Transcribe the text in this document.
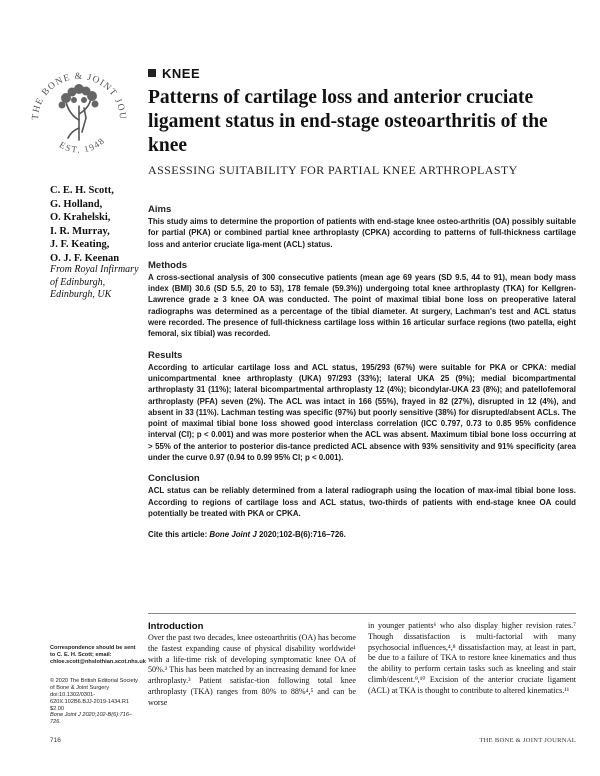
THE BONE & JOINT JOU
EST. 1948
KNEE
Patterns of cartilage loss and anterior cruciate ligament status in end-stage osteoarthritis of the knee
ASSESSING SUITABILITY FOR PARTIAL KNEE ARTHROPLASTY
C. E. H. Scott,
G. Holland,
O. Krahelski,
I. R. Murray,
J. F. Keating,
O. J. F. Keenan
From Royal Infirmary of Edinburgh, Edinburgh, UK
Aims

This study aims to determine the proportion of patients with end-stage knee osteo-arthritis (OA) possibly suitable for partial (PKA) or combined partial knee arthroplasty (CPKA) according to patterns of full-thickness cartilage loss and anterior cruciate liga-ment (ACL) status.

Methods

A cross-sectional analysis of 300 consecutive patients (mean age 69 years (SD 9.5, 44 to 91), mean body mass index (BMI) 30.6 (SD 5.5, 20 to 53), 178 female (59.3%)) undergoing total knee arthroplasty (TKA) for Kellgren-Lawrence grade ≥ 3 knee OA was conducted. The point of maximal tibial bone loss on preoperative lateral radiographs was determined as a percentage of the tibial diameter. At surgery, Lachman's test and ACL status were recorded. The presence of full-thickness cartilage loss within 16 articular surface regions (two patella, eight femoral, six tibial) was recorded.

Results

According to articular cartilage loss and ACL status, 195/293 (67%) were suitable for PKA or CPKA: medial unicompartmental knee arthroplasty (UKA) 97/293 (33%); lateral UKA 25 (9%); medial bicompartmental arthroplasty 31 (11%); lateral bicompartmental arthroplasty 12 (4%); bicondylar-UKA 23 (8%); and patellofemoral arthroplasty (PFA) seven (2%). The ACL was intact in 166 (55%), frayed in 82 (27%), disrupted in 12 (4%), and absent in 33 (11%). Lachman testing was specific (97%) but poorly sensitive (38%) for disrupted/absent ACLs. The point of maximal tibial bone loss showed good interclass correlation (ICC 0.797, 0.73 to 0.85 95% confidence interval (CI); p < 0.001) and was more posterior when the ACL was absent. Maximum tibial bone loss occurring at > 55% of the anterior to posterior dis-tance predicted ACL absence with 93% sensitivity and 91% specificity (area under the curve 0.97 (0.94 to 0.99 95% CI; p < 0.001).

Conclusion

ACL status can be reliably determined from a lateral radiograph using the location of max-imal tibial bone loss. According to regions of cartilage loss and ACL status, two-thirds of patients with end-stage knee OA could potentially be treated with PKA or CPKA.

Cite this article: Bone Joint J 2020;102-B(6):716–726.
Correspondence should be sent to C. E. H. Scott; email: chloe.scott@nhslothian.scot.nhs.uk
© 2020 The British Editorial Society of Bone & Joint Surgery doi:10.1302/0301-620X.102B6.BJJ-2019-1434.R1 $2.00
Bone Joint J 2020;102-B(6):716–726.
Introduction
Over the past two decades, knee osteoarthritis (OA) has become the fastest expanding cause of physical disability worldwide¹ with a life-time risk of developing symptomatic knee OA of 50%.² This has been matched by an increasing demand for knee arthroplasty.³ Patient satisfac-tion following total knee arthroplasty (TKA) ranges from 80% to 88%⁴,⁵ and can be worse
in younger patients⁶ who also display higher revision rates.⁷ Though dissatisfaction is multi-factorial with many psychosocial influences,⁴,⁸ dissatisfaction may, at least in part, be due to a failure of TKA to restore knee kinematics and thus the ability to perform certain tasks such as kneeling and stair climb/descent.⁹,¹⁰ Excision of the anterior cruciate ligament (ACL) at TKA is thought to contribute to altered kinematics.¹¹
716	THE BONE & JOINT JOURNAL
